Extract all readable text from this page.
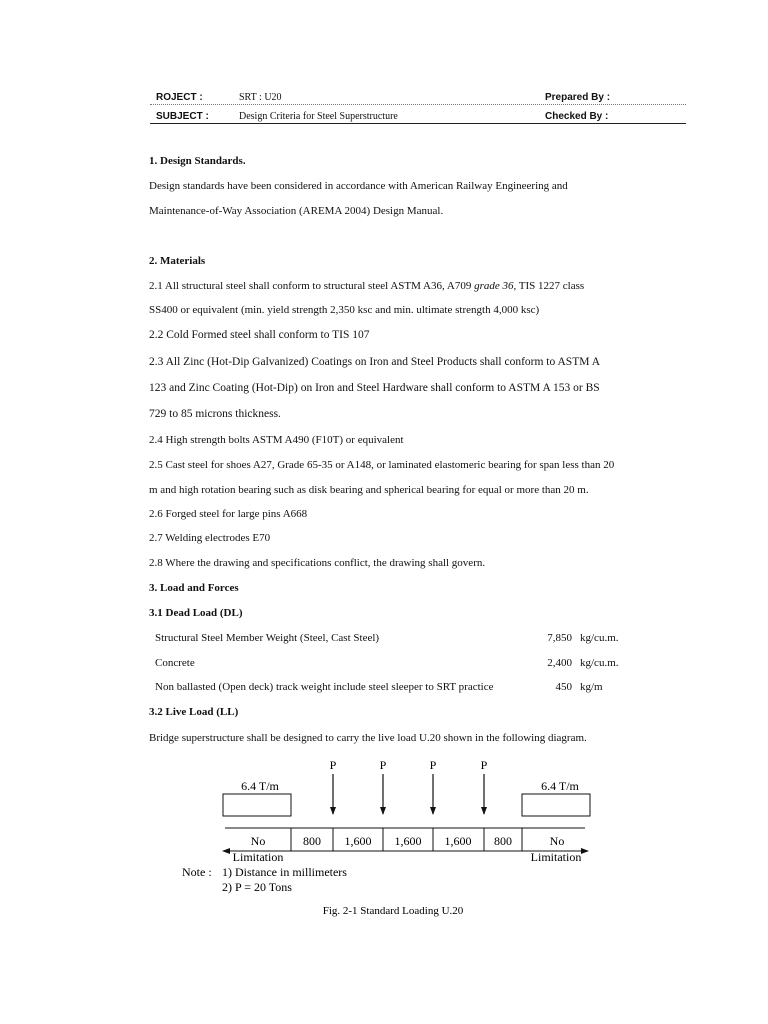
ROJECT :	SRT : U20	Prepared By :
SUBJECT :	Design Criteria for Steel Superstructure	Checked By :
1. Design Standards.
Design standards have been considered in accordance with American Railway Engineering and
Maintenance-of-Way Association (AREMA 2004) Design Manual.
2. Materials
2.1 All structural steel shall conform to structural steel ASTM A36, A709 grade 36, TIS 1227 class
SS400 or equivalent (min. yield strength 2,350 ksc and min. ultimate strength 4,000 ksc)
2.2 Cold Formed steel shall conform to TIS 107
2.3 All Zinc (Hot-Dip Galvanized) Coatings on Iron and Steel Products shall conform to ASTM A
123 and Zinc Coating (Hot-Dip) on Iron and Steel Hardware shall conform to ASTM A 153 or BS
729 to 85 microns thickness.
2.4 High strength bolts ASTM A490 (F10T) or equivalent
2.5 Cast steel for shoes A27, Grade 65-35 or A148, or laminated elastomeric bearing for span less than 20
m and high rotation bearing such as disk bearing and spherical bearing for equal or more than 20 m.
2.6 Forged steel for large pins A668
2.7 Welding electrodes E70
2.8 Where the drawing and specifications conflict, the drawing shall govern.
3. Load and Forces
3.1 Dead Load (DL)
Structural Steel Member Weight (Steel, Cast Steel)	7,850 kg/cu.m.
Concrete	2,400 kg/cu.m.
Non ballasted (Open deck) track weight include steel sleeper to SRT practice	450 kg/m
3.2 Live Load (LL)
Bridge superstructure shall be designed to carry the live load U.20 shown in the following diagram.
P	P	P	P
6.4 T/m	6.4 T/m
No	800 1,600 1,600 1,600 800	No
Limitation	Limitation
Note : 1) Distance in millimeters
2) P = 20 Tons
Fig. 2-1 Standard Loading U.20
